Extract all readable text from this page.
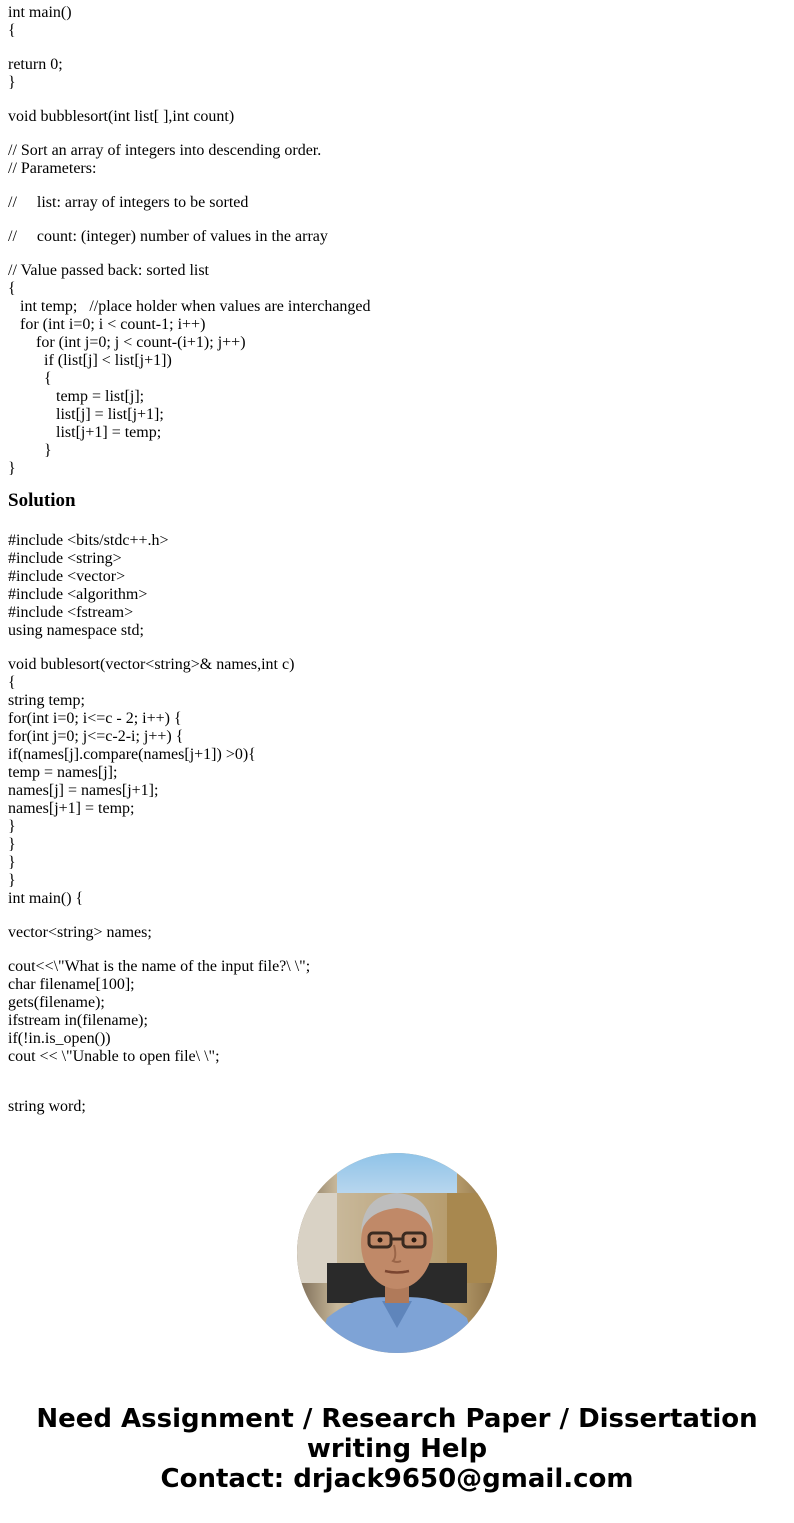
int main()
{
return 0;
}
void bubblesort(int list[ ],int count)
// Sort an array of integers into descending order.
// Parameters:
//     list: array of integers to be sorted
//     count: (integer) number of values in the array
// Value passed back: sorted list
{
int temp;   //place holder when values are interchanged
for (int i=0; i < count-1; i++)
for (int j=0; j < count-(i+1); j++)
if (list[j] < list[j+1])
{
temp = list[j];
list[j] = list[j+1];
list[j+1] = temp;
}
}
Solution
#include <bits/stdc++.h>
#include <string>
#include <vector>
#include <algorithm>
#include <fstream>
using namespace std;
void bublesort(vector<string>& names,int c)
{
string temp;
for(int i=0; i<=c - 2; i++) {
for(int j=0; j<=c-2-i; j++) {
if(names[j].compare(names[j+1]) >0){
temp = names[j];
names[j] = names[j+1];
names[j+1] = temp;
}
}
}
}
int main() {
vector<string> names;
cout<<\"What is the name of the input file?\ \";
char filename[100];
gets(filename);
ifstream in(filename);
if(!in.is_open())
cout << \"Unable to open file\ \";
string word;
Need Assignment / Research Paper / Dissertation
writing Help
Contact: drjack9650@gmail.com
